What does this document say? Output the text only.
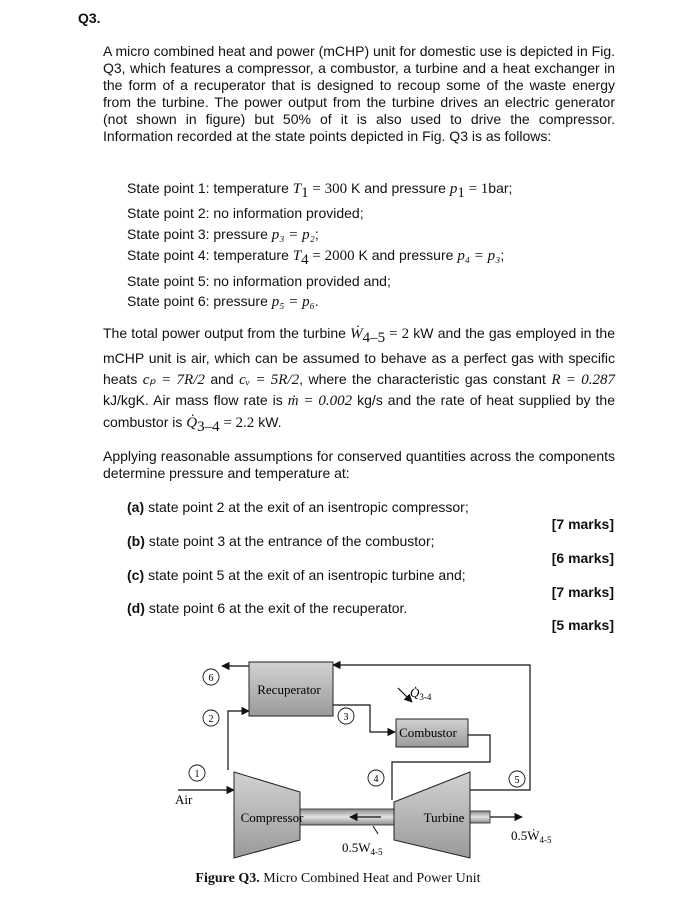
Q3.
A micro combined heat and power (mCHP) unit for domestic use is depicted in Fig. Q3, which features a compressor, a combustor, a turbine and a heat exchanger in the form of a recuperator that is designed to recoup some of the waste energy from the turbine. The power output from the turbine drives an electric generator (not shown in figure) but 50% of it is also used to drive the compressor. Information recorded at the state points depicted in Fig. Q3 is as follows:
State point 1: temperature $T_1 = 300$ K and pressure $p_1 = 1bar$;
State point 2: no information provided;
State point 3: pressure p₃ = p₂;
State point 4: temperature $T_4 = 2000$ K and pressure p₄ = p₃;
State point 5: no information provided and;
State point 6: pressure p₅ = p₆.
The total power output from the turbine Ẇ$_{4-5}$ = 2 kW and the gas employed in the mCHP unit is air, which can be assumed to behave as a perfect gas with specific heats cₚ = 7R/2 and cᵥ = 5R/2, where the characteristic gas constant R = 0.287 kJ/kgK. Air mass flow rate is ṁ = 0.002 kg/s and the rate of heat supplied by the combustor is $Q̇_{3-4} = 2.2$ kW.
Applying reasonable assumptions for conserved quantities across the components determine pressure and temperature at:
(a) state point 2 at the exit of an isentropic compressor;
[7 marks]
(b) state point 3 at the entrance of the combustor;
[6 marks]
(c) state point 5 at the exit of an isentropic turbine and;
[7 marks]
(d) state point 6 at the exit of the recuperator.
[5 marks]
Recuperator
Combustor
Compressor	Turbine
Air
$Q̇_{3-4}$
$0.5W_{4-5}$
0.5Ẇ$_{4-5}$
6
2	3
4	5
1
Figure Q3. Micro Combined Heat and Power Unit
